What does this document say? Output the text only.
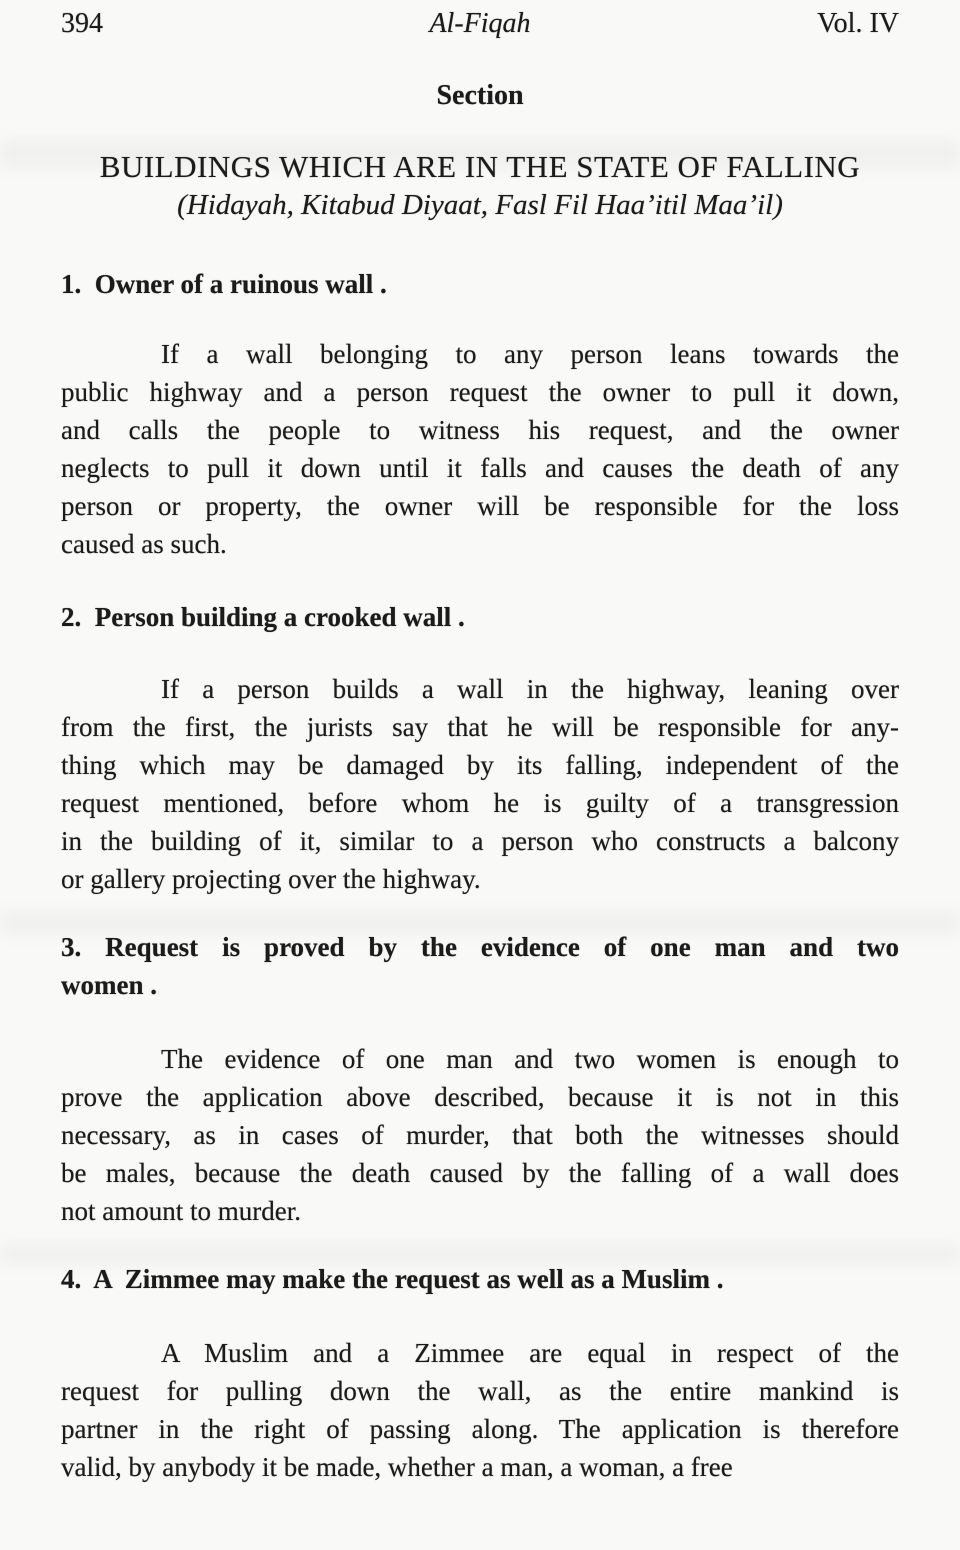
394	Al-Fiqah	Vol. IV
Section
BUILDINGS WHICH ARE IN THE STATE OF FALLING
(Hidayah, Kitabud Diyaat, Fasl Fil Haa’itil Maa’il)
1.  Owner of a ruinous wall .
If a wall belonging to any person leans towards the
public highway and a person request the owner to pull it down,
and calls the people to witness his request, and the owner
neglects to pull it down until it falls and causes the death of any
person or property, the owner will be responsible for the loss
caused as such.
2.  Person building a crooked wall .
If a person builds a wall in the highway, leaning over
from the first, the jurists say that he will be responsible for any-
thing which may be damaged by its falling, independent of the
request mentioned, before whom he is guilty of a transgression
in the building of it, similar to a person who constructs a balcony
or gallery projecting over the highway.
3. Request is proved by the evidence of one man and two
women .
The evidence of one man and two women is enough to
prove the application above described, because it is not in this
necessary, as in cases of murder, that both the witnesses should
be males, because the death caused by the falling of a wall does
not amount to murder.
4.  A  Zimmee may make the request as well as a Muslim .
A Muslim and a Zimmee are equal in respect of the
request for pulling down the wall, as the entire mankind is
partner in the right of passing along. The application is therefore
valid, by anybody it be made, whether a man, a woman, a free
